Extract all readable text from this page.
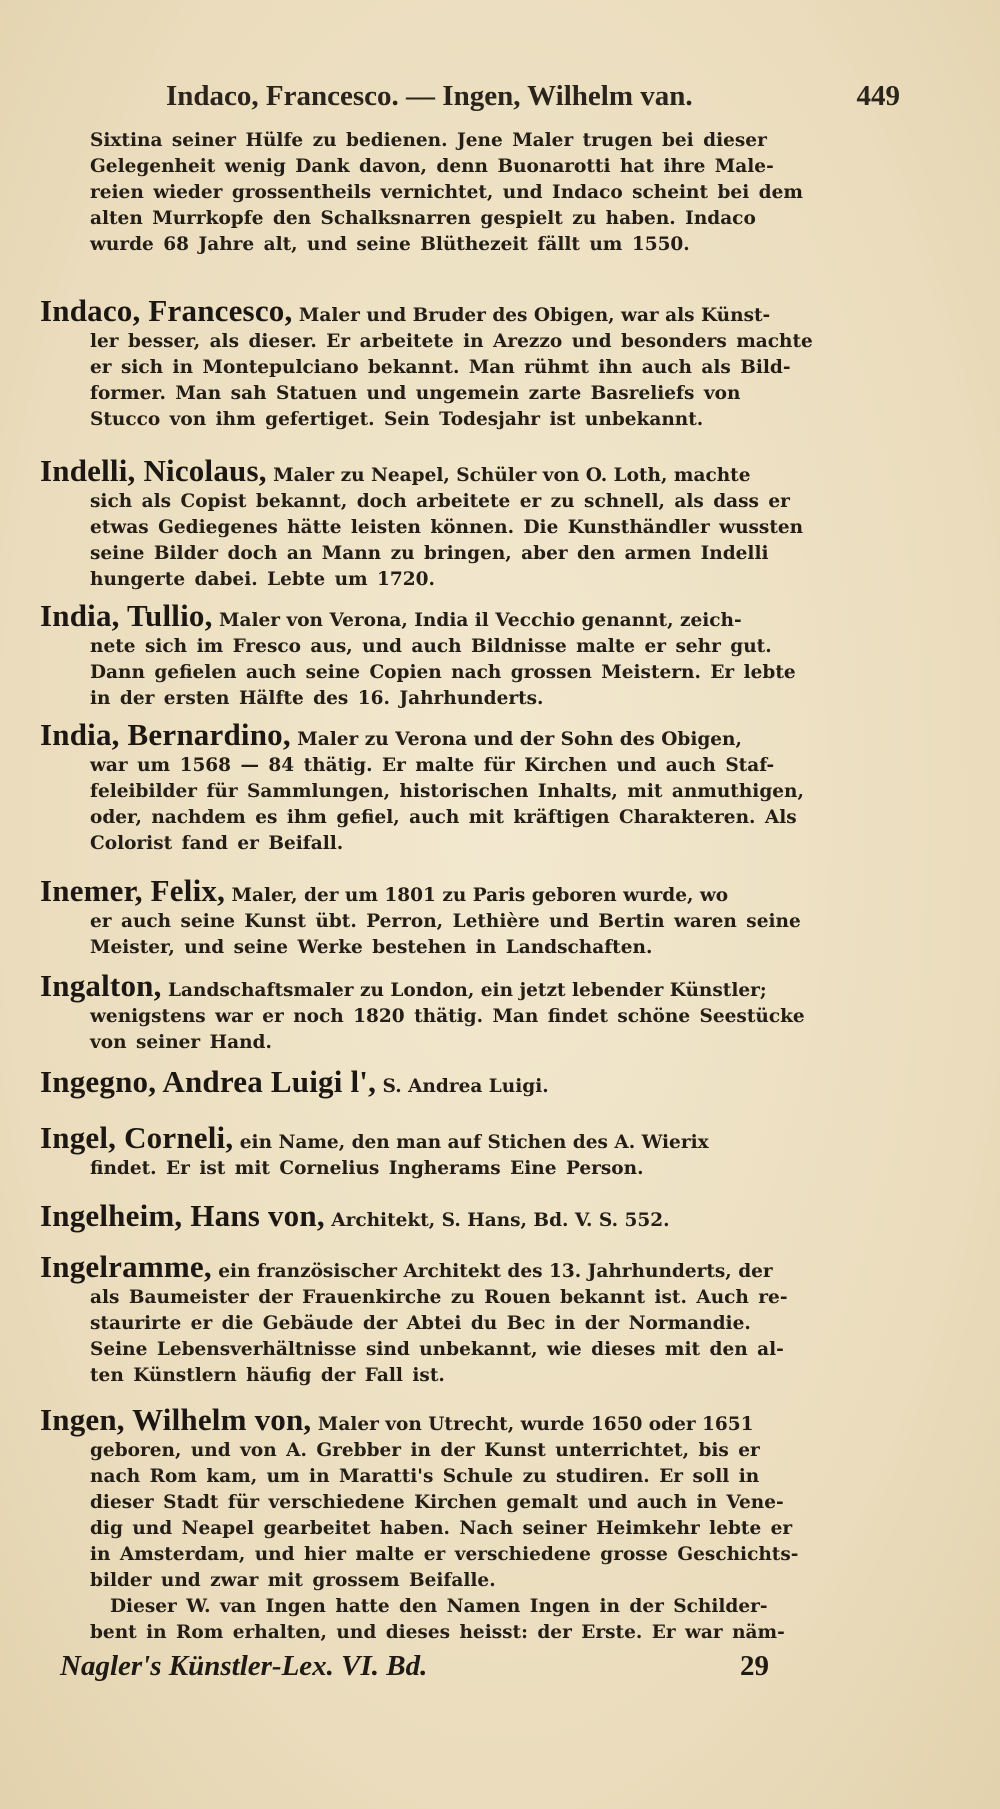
Indaco, Francesco. — Ingen, Wilhelm van.	449
Sixtina seiner Hülfe zu bedienen. Jene Maler trugen bei dieser
Gelegenheit wenig Dank davon, denn Buonarotti hat ihre Male-
reien wieder grossentheils vernichtet, und Indaco scheint bei dem
alten Murrkopfe den Schalksnarren gespielt zu haben. Indaco
wurde 68 Jahre alt, und seine Blüthezeit fällt um 1550.
Indaco, Francesco, Maler und Bruder des Obigen, war als Künst-
ler besser, als dieser. Er arbeitete in Arezzo und besonders machte
er sich in Montepulciano bekannt. Man rühmt ihn auch als Bild-
former. Man sah Statuen und ungemein zarte Basreliefs von
Stucco von ihm gefertiget. Sein Todesjahr ist unbekannt.
Indelli, Nicolaus, Maler zu Neapel, Schüler von O. Loth, machte
sich als Copist bekannt, doch arbeitete er zu schnell, als dass er
etwas Gediegenes hätte leisten können. Die Kunsthändler wussten
seine Bilder doch an Mann zu bringen, aber den armen Indelli
hungerte dabei. Lebte um 1720.
India, Tullio, Maler von Verona, India il Vecchio genannt, zeich-
nete sich im Fresco aus, und auch Bildnisse malte er sehr gut.
Dann gefielen auch seine Copien nach grossen Meistern. Er lebte
in der ersten Hälfte des 16. Jahrhunderts.
India, Bernardino, Maler zu Verona und der Sohn des Obigen,
war um 1568 — 84 thätig. Er malte für Kirchen und auch Staf-
feleibilder für Sammlungen, historischen Inhalts, mit anmuthigen,
oder, nachdem es ihm gefiel, auch mit kräftigen Charakteren. Als
Colorist fand er Beifall.
Inemer, Felix, Maler, der um 1801 zu Paris geboren wurde, wo
er auch seine Kunst übt. Perron, Lethière und Bertin waren seine
Meister, und seine Werke bestehen in Landschaften.
Ingalton, Landschaftsmaler zu London, ein jetzt lebender Künstler;
wenigstens war er noch 1820 thätig. Man findet schöne Seestücke
von seiner Hand.
Ingegno, Andrea Luigi l', S. Andrea Luigi.
Ingel, Corneli, ein Name, den man auf Stichen des A. Wierix
findet. Er ist mit Cornelius Ingherams Eine Person.
Ingelheim, Hans von, Architekt, S. Hans, Bd. V. S. 552.
Ingelramme, ein französischer Architekt des 13. Jahrhunderts, der
als Baumeister der Frauenkirche zu Rouen bekannt ist. Auch re-
staurirte er die Gebäude der Abtei du Bec in der Normandie.
Seine Lebensverhältnisse sind unbekannt, wie dieses mit den al-
ten Künstlern häufig der Fall ist.
Ingen, Wilhelm von, Maler von Utrecht, wurde 1650 oder 1651
geboren, und von A. Grebber in der Kunst unterrichtet, bis er
nach Rom kam, um in Maratti's Schule zu studiren. Er soll in
dieser Stadt für verschiedene Kirchen gemalt und auch in Vene-
dig und Neapel gearbeitet haben. Nach seiner Heimkehr lebte er
in Amsterdam, und hier malte er verschiedene grosse Geschichts-
bilder und zwar mit grossem Beifalle.
Dieser W. van Ingen hatte den Namen Ingen in der Schilder-
bent in Rom erhalten, und dieses heisst: der Erste. Er war näm-
Nagler's Künstler-Lex. VI. Bd.	29
